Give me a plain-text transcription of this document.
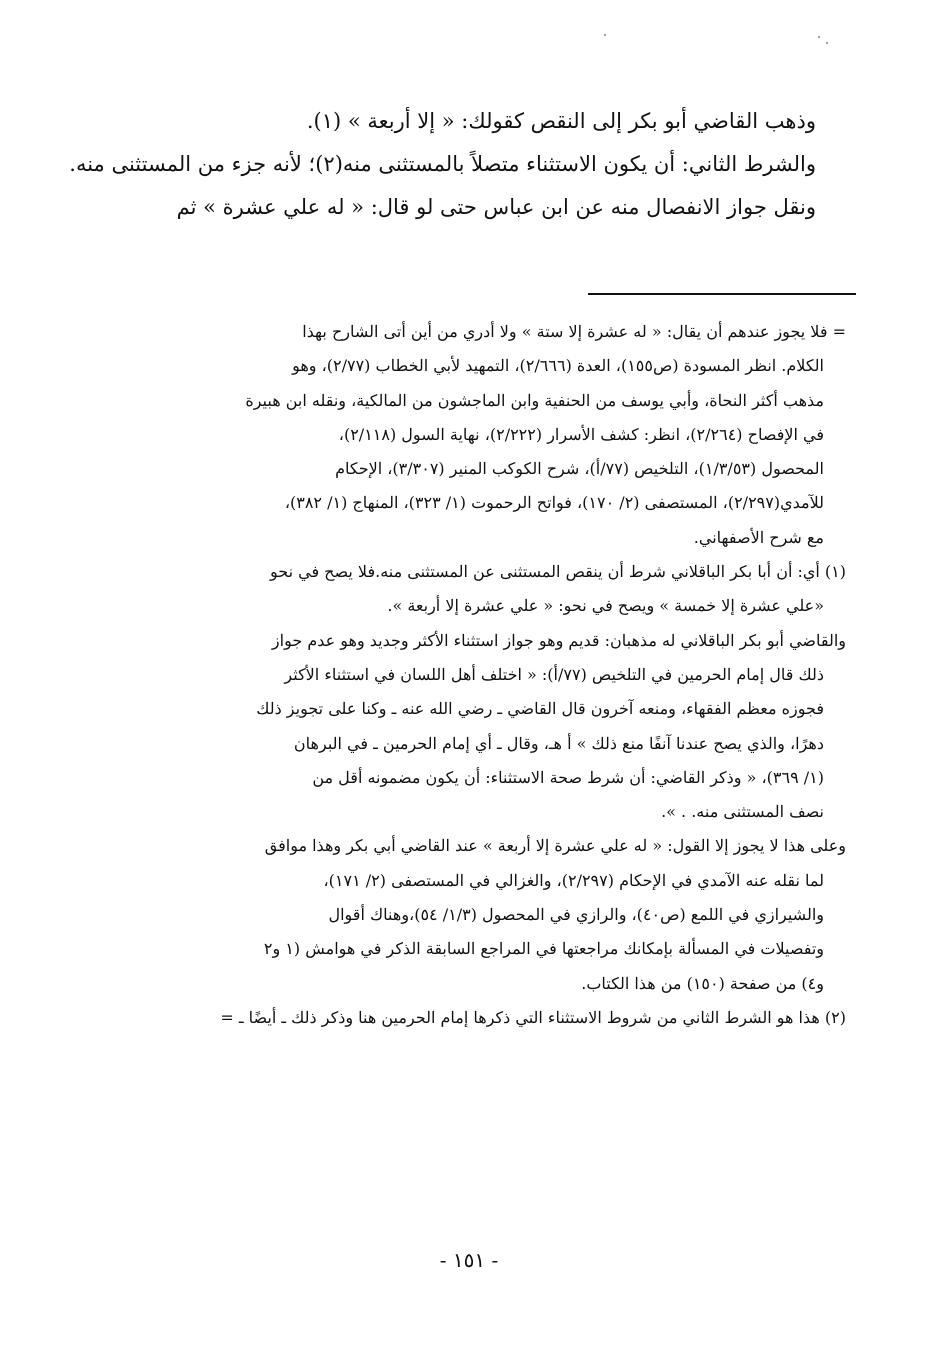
وذهب القاضي أبو بكر إلى النقص كقولك: « إلا أربعة » (١).

والشرط الثاني: أن يكون الاستثناء متصلاً بالمستثنى منه(٢)؛ لأنه جزء من المستثنى منه.

ونقل جواز الانفصال منه عن ابن عباس حتى لو قال: « له علي عشرة » ثم

= فلا يجوز عندهم أن يقال: « له عشرة إلا ستة » ولا أدري من أين أتى الشارح بهذا

الكلام. انظر المسودة (ص١٥٥)، العدة (٢/٦٦٦)، التمهيد لأبي الخطاب (٢/٧٧)، وهو

مذهب أكثر النحاة، وأبي يوسف من الحنفية وابن الماجشون من المالكية، ونقله ابن هبيرة

في الإفصاح (٢/٢٦٤)، انظر: كشف الأسرار (٢/٢٢٢)، نهاية السول (٢/١١٨)،

المحصول (١/٣/٥٣)، التلخيص (٧٧/أ)، شرح الكوكب المنير (٣/٣٠٧)، الإحكام

للآمدي(٢/٢٩٧)، المستصفى (٢/ ١٧٠)، فواتح الرحموت (١/ ٣٢٣)، المنهاج (١/ ٣٨٢)،

مع شرح الأصفهاني.

(١) أي: أن أبا بكر الباقلاني شرط أن ينقص المستثنى عن المستثنى منه.فلا يصح في نحو

«علي عشرة إلا خمسة » ويصح في نحو: « علي عشرة إلا أربعة ».

والقاضي أبو بكر الباقلاني له مذهبان: قديم وهو جواز استثناء الأكثر وجديد وهو عدم جواز

ذلك قال إمام الحرمين في التلخيص (٧٧/أ): « اختلف أهل اللسان في استثناء الأكثر

فجوزه معظم الفقهاء، ومنعه آخرون قال القاضي ـ رضي الله عنه ـ وكنا على تجويز ذلك

دهرًا، والذي يصح عندنا آنفًا منع ذلك » أ هـ، وقال ـ أي إمام الحرمين ـ في البرهان

(١/ ٣٦٩)، « وذكر القاضي: أن شرط صحة الاستثناء: أن يكون مضمونه أقل من

نصف المستثنى منه. . ».

وعلى هذا لا يجوز إلا القول: « له علي عشرة إلا أربعة » عند القاضي أبي بكر وهذا موافق

لما نقله عنه الآمدي في الإحكام (٢/٢٩٧)، والغزالي في المستصفى (٢/ ١٧١)،

والشيرازي في اللمع (ص٤٠)، والرازي في المحصول (١/٣/ ٥٤)،وهناك أقوال

وتفصيلات في المسألة بإمكانك مراجعتها في المراجع السابقة الذكر في هوامش (١ و٢

و٤) من صفحة (١٥٠) من هذا الكتاب.

(٢) هذا هو الشرط الثاني من شروط الاستثناء التي ذكرها إمام الحرمين هنا وذكر ذلك ـ أيضًا ـ =

- ١٥١ -
